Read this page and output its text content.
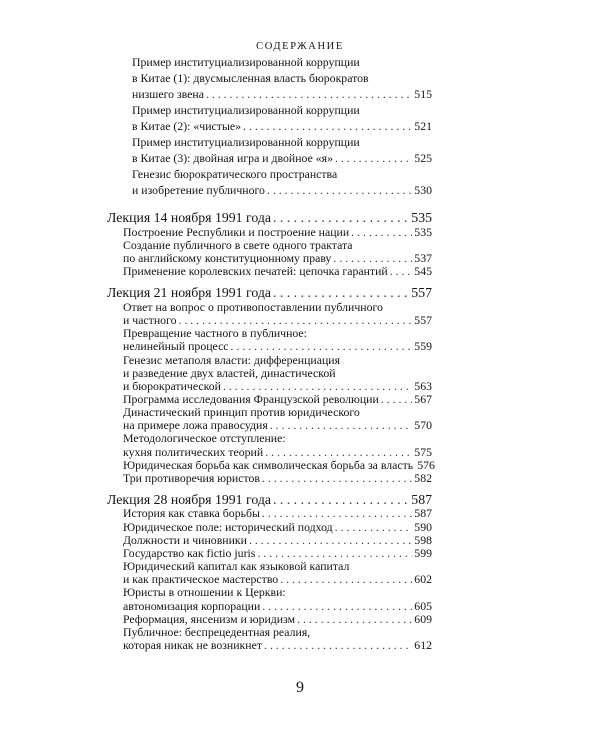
СОДЕРЖАНИЕ
Пример институциализированной коррупции
в Китае (1): двусмысленная власть бюрократов
низшего звена . . .	515
Пример институциализированной коррупции
в Китае (2): «чистые» . . .	521
Пример институциализированной коррупции
в Китае (3): двойная игра и двойное «я» . . .	525
Генезис бюрократического пространства
и изобретение публичного . . .	530
Лекция 14 ноября 1991 года . . .	535
Построение Республики и построение нации . . .	535
Создание публичного в свете одного трактата
по английскому конституционному праву . . .	537
Применение королевских печатей: цепочка гарантий . . . 545
Лекция 21 ноября 1991 года . . .	557
Ответ на вопрос о противопоставлении публичного
и частного . . .	557
Превращение частного в публичное:
нелинейный процесс . . .	559
Генезис метаполя власти: дифференциация
и разведение двух властей, династической
и бюрократической . . .	563
Программа исследования Французской революции . . .	567
Династический принцип против юридического
на примере ложа правосудия . . .	570
Методологическое отступление:
кухня политических теорий . . .	575
Юридическая борьба как символическая борьба за власть 576
Три противоречия юристов . . .	582
Лекция 28 ноября 1991 года . . .	587
История как ставка борьбы . . .	587
Юридическое поле: исторический подход . . .	590
Должности и чиновники . . .	598
Государство как fictio juris . . .	599
Юридический капитал как языковой капитал
и как практическое мастерство . . .	602
Юристы в отношении к Церкви:
автономизация корпорации . . .	605
Реформация, янсенизм и юридизм . . .	609
Публичное: беспрецедентная реалия,
которая никак не возникнет . . .	612
9
